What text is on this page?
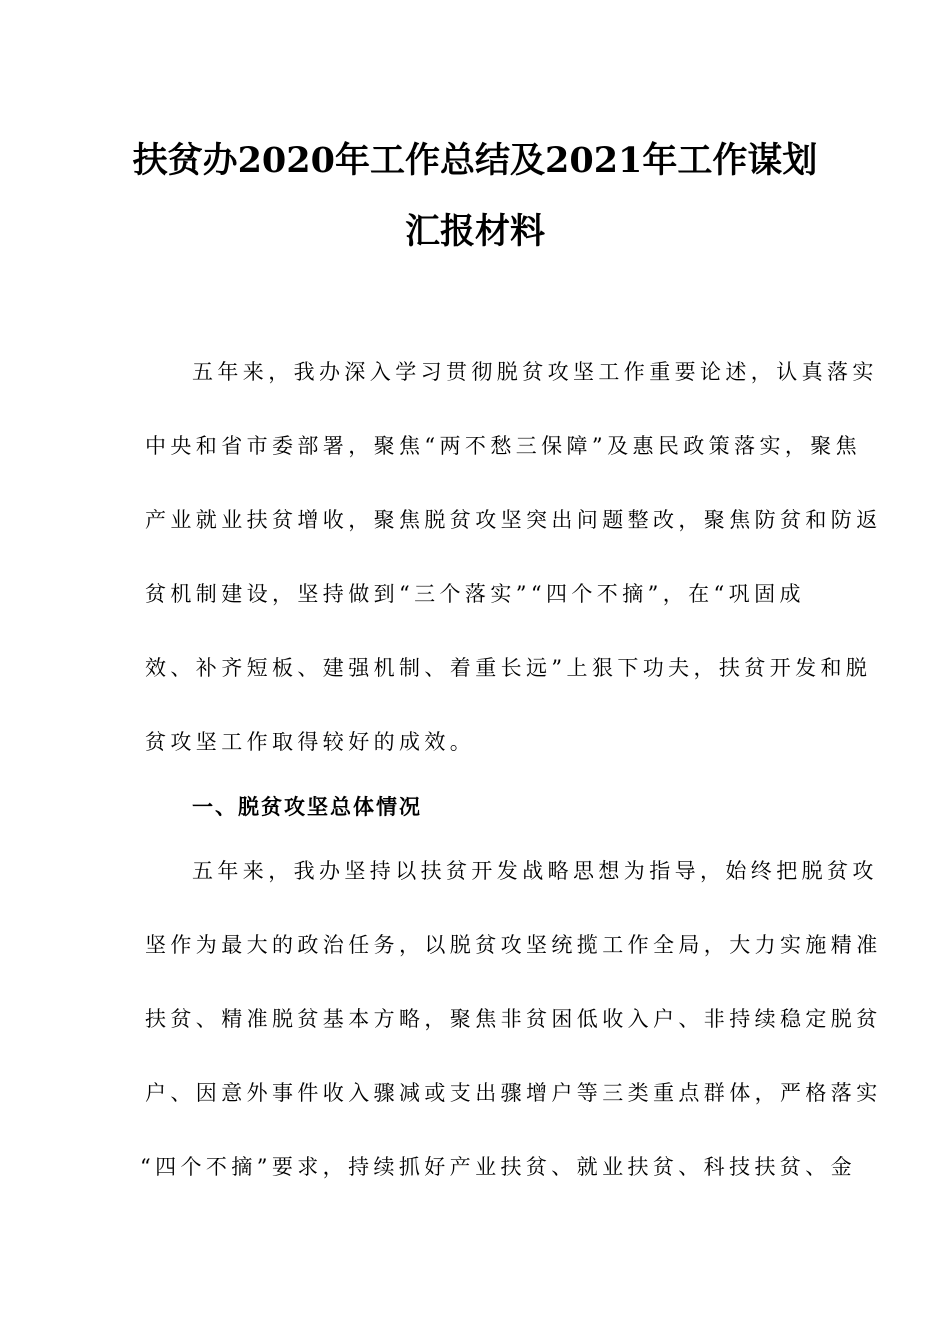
扶贫办2020年工作总结及2021年工作谋划
汇报材料
五年来，我办深入学习贯彻脱贫攻坚工作重要论述，认真落实
中央和省市委部署，聚焦“两不愁三保障”及惠民政策落实，聚焦
产业就业扶贫增收，聚焦脱贫攻坚突出问题整改，聚焦防贫和防返
贫机制建设，坚持做到“三个落实”“四个不摘”，在“巩固成
效、补齐短板、建强机制、着重长远”上狠下功夫，扶贫开发和脱
贫攻坚工作取得较好的成效。
一、脱贫攻坚总体情况
五年来，我办坚持以扶贫开发战略思想为指导，始终把脱贫攻
坚作为最大的政治任务，以脱贫攻坚统揽工作全局，大力实施精准
扶贫、精准脱贫基本方略，聚焦非贫困低收入户、非持续稳定脱贫
户、因意外事件收入骤减或支出骤增户等三类重点群体，严格落实
“四个不摘”要求，持续抓好产业扶贫、就业扶贫、科技扶贫、金
